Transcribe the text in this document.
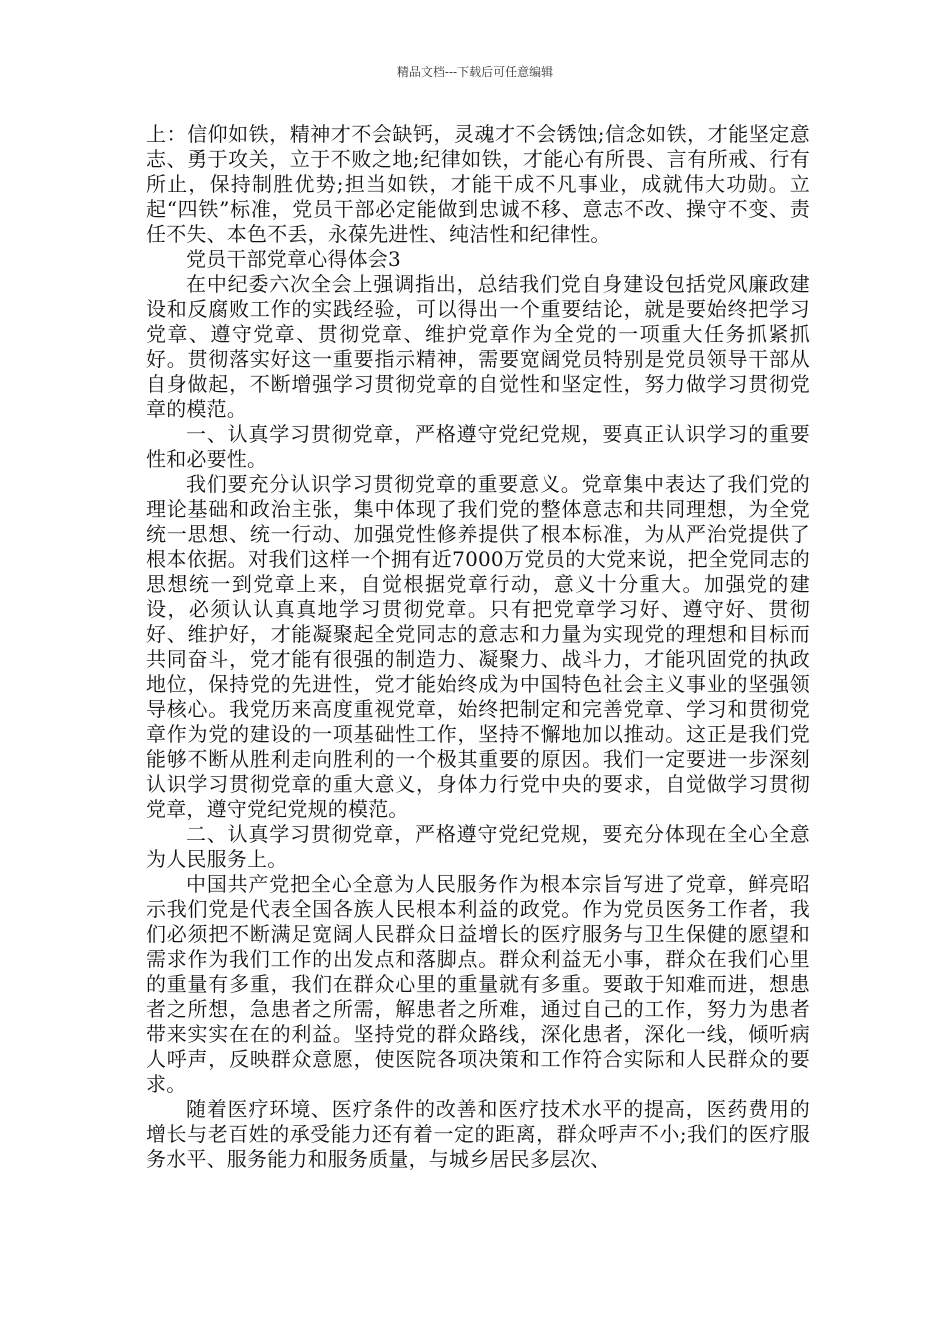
精品文档---下载后可任意编辑

上：信仰如铁，精神才不会缺钙，灵魂才不会锈蚀;信念如铁，才能坚定意志、勇于攻关，立于不败之地;纪律如铁，才能心有所畏、言有所戒、行有所止，保持制胜优势;担当如铁，才能干成不凡事业，成就伟大功勋。立起“四铁”标准，党员干部必定能做到忠诚不移、意志不改、操守不变、责任不失、本色不丢，永葆先进性、纯洁性和纪律性。

党员干部党章心得体会3

在中纪委六次全会上强调指出，总结我们党自身建设包括党风廉政建设和反腐败工作的实践经验，可以得出一个重要结论，就是要始终把学习党章、遵守党章、贯彻党章、维护党章作为全党的一项重大任务抓紧抓好。贯彻落实好这一重要指示精神，需要宽阔党员特别是党员领导干部从自身做起，不断增强学习贯彻党章的自觉性和坚定性，努力做学习贯彻党章的模范。

一、认真学习贯彻党章，严格遵守党纪党规，要真正认识学习的重要性和必要性。

我们要充分认识学习贯彻党章的重要意义。党章集中表达了我们党的理论基础和政治主张，集中体现了我们党的整体意志和共同理想，为全党统一思想、统一行动、加强党性修养提供了根本标准，为从严治党提供了根本依据。对我们这样一个拥有近7000万党员的大党来说，把全党同志的思想统一到党章上来，自觉根据党章行动，意义十分重大。加强党的建设，必须认认真真地学习贯彻党章。只有把党章学习好、遵守好、贯彻好、维护好，才能凝聚起全党同志的意志和力量为实现党的理想和目标而共同奋斗，党才能有很强的制造力、凝聚力、战斗力，才能巩固党的执政地位，保持党的先进性，党才能始终成为中国特色社会主义事业的坚强领导核心。我党历来高度重视党章，始终把制定和完善党章、学习和贯彻党章作为党的建设的一项基础性工作，坚持不懈地加以推动。这正是我们党能够不断从胜利走向胜利的一个极其重要的原因。我们一定要进一步深刻认识学习贯彻党章的重大意义，身体力行党中央的要求，自觉做学习贯彻党章，遵守党纪党规的模范。

二、认真学习贯彻党章，严格遵守党纪党规，要充分体现在全心全意为人民服务上。

中国共产党把全心全意为人民服务作为根本宗旨写进了党章，鲜亮昭示我们党是代表全国各族人民根本利益的政党。作为党员医务工作者，我们必须把不断满足宽阔人民群众日益增长的医疗服务与卫生保健的愿望和需求作为我们工作的出发点和落脚点。群众利益无小事，群众在我们心里的重量有多重，我们在群众心里的重量就有多重。要敢于知难而进，想患者之所想，急患者之所需，解患者之所难，通过自己的工作，努力为患者带来实实在在的利益。坚持党的群众路线，深化患者，深化一线，倾听病人呼声，反映群众意愿，使医院各项决策和工作符合实际和人民群众的要求。

随着医疗环境、医疗条件的改善和医疗技术水平的提高，医药费用的增长与老百姓的承受能力还有着一定的距离，群众呼声不小;我们的医疗服务水平、服务能力和服务质量，与城乡居民多层次、
